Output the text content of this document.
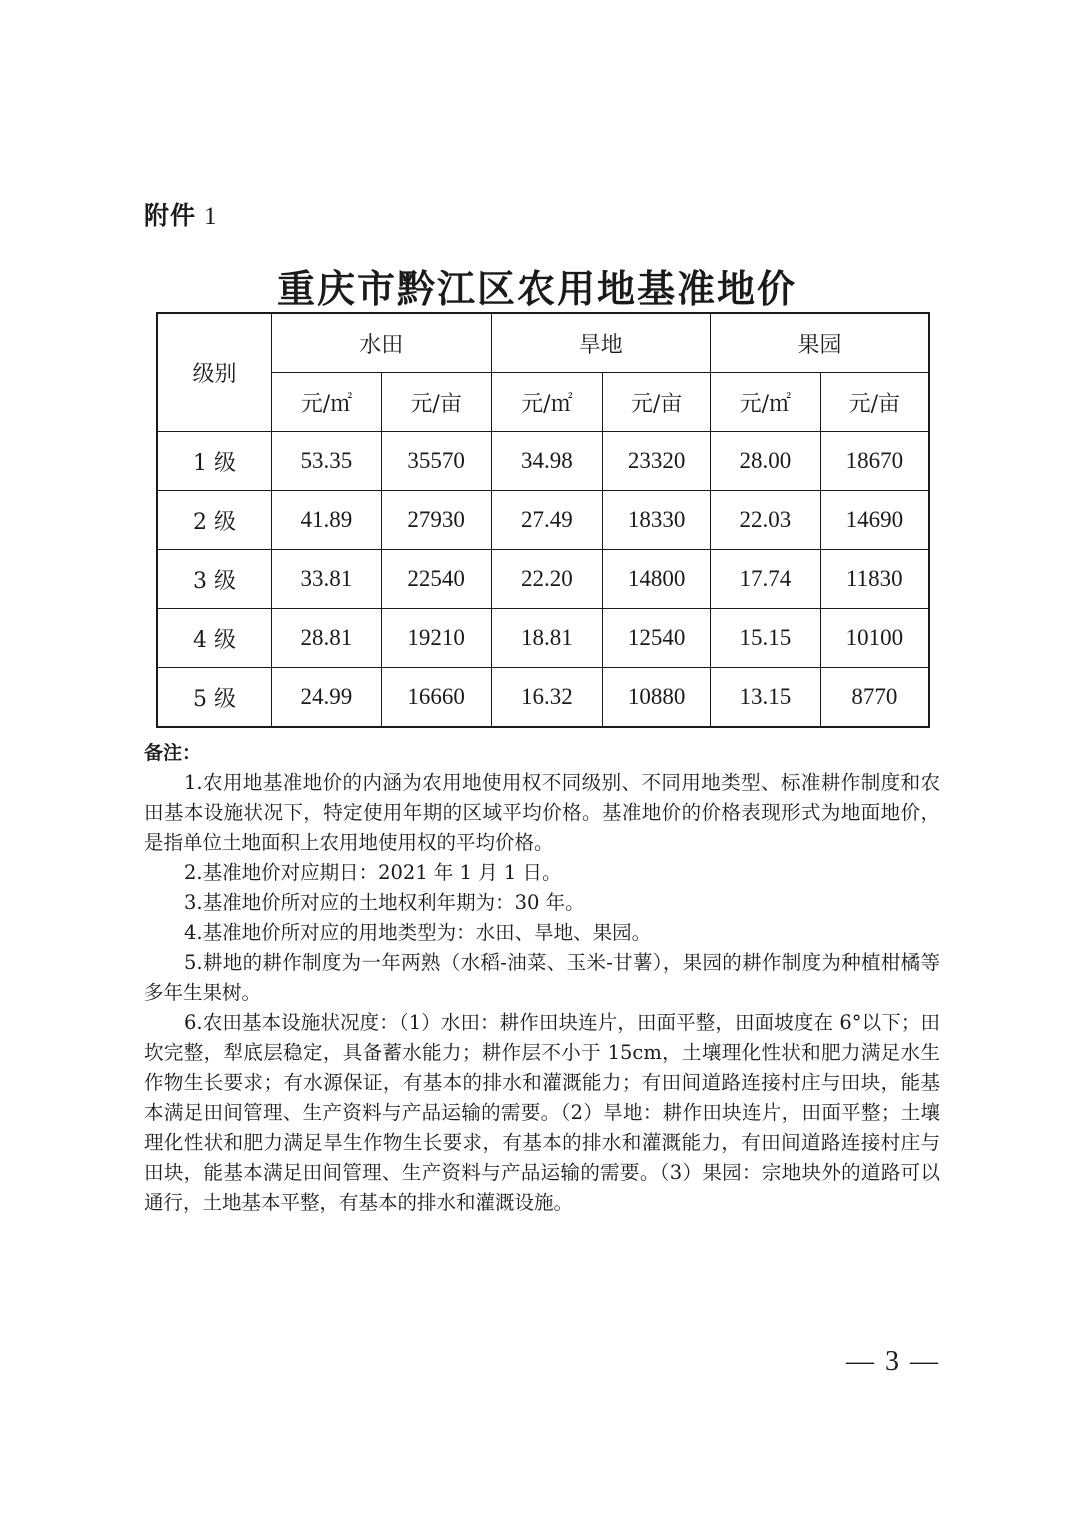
附件 1
重庆市黔江区农用地基准地价
级别	水田		旱地		果园	
	元/㎡	元/亩	元/㎡	元/亩	元/㎡	元/亩
1 级	53.35	35570	34.98	23320	28.00	18670
2 级	41.89	27930	27.49	18330	22.03	14690
3 级	33.81	22540	22.20	14800	17.74	11830
4 级	28.81	19210	18.81	12540	15.15	10100
5 级	24.99	16660	16.32	10880	13.15	8770
备注：

1.农用地基准地价的内涵为农用地使用权不同级别、不同用地类型、标准耕作制度和农田基本设施状况下，特定使用年期的区域平均价格。基准地价的价格表现形式为地面地价，是指单位土地面积上农用地使用权的平均价格。

2.基准地价对应期日：2021 年 1 月 1 日。

3.基准地价所对应的土地权利年期为：30 年。

4.基准地价所对应的用地类型为：水田、旱地、果园。

5.耕地的耕作制度为一年两熟（水稻-油菜、玉米-甘薯），果园的耕作制度为种植柑橘等多年生果树。

6.农田基本设施状况度：（1）水田：耕作田块连片，田面平整，田面坡度在 6°以下；田坎完整，犁底层稳定，具备蓄水能力；耕作层不小于 15cm，土壤理化性状和肥力满足水生作物生长要求；有水源保证，有基本的排水和灌溉能力；有田间道路连接村庄与田块，能基本满足田间管理、生产资料与产品运输的需要。（2）旱地：耕作田块连片，田面平整；土壤理化性状和肥力满足旱生作物生长要求，有基本的排水和灌溉能力，有田间道路连接村庄与田块，能基本满足田间管理、生产资料与产品运输的需要。（3）果园：宗地块外的道路可以通行，土地基本平整，有基本的排水和灌溉设施。

— 3 —
